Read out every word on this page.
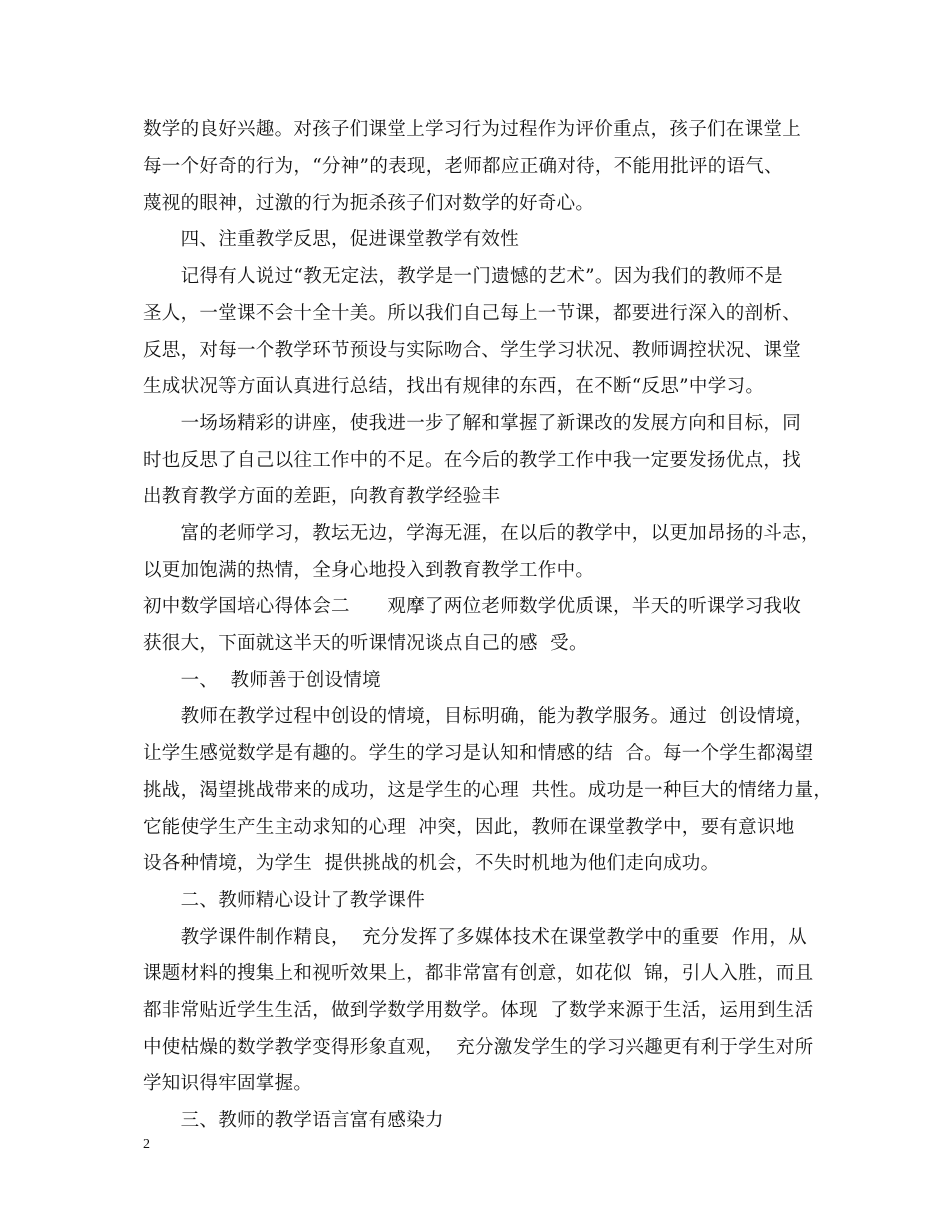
数学的良好兴趣。对孩子们课堂上学习行为过程作为评价重点，孩子们在课堂上
每一个好奇的行为，“分神”的表现，老师都应正确对待，不能用批评的语气、
蔑视的眼神，过激的行为扼杀孩子们对数学的好奇心。
　　四、注重教学反思，促进课堂教学有效性
　　记得有人说过“教无定法，教学是一门遗憾的艺术”。因为我们的教师不是
圣人，一堂课不会十全十美。所以我们自己每上一节课，都要进行深入的剖析、
反思，对每一个教学环节预设与实际吻合、学生学习状况、教师调控状况、课堂
生成状况等方面认真进行总结，找出有规律的东西，在不断“反思”中学习。
　　一场场精彩的讲座，使我进一步了解和掌握了新课改的发展方向和目标，同
时也反思了自己以往工作中的不足。在今后的教学工作中我一定要发扬优点，找
出教育教学方面的差距，向教育教学经验丰
　　富的老师学习，教坛无边，学海无涯，在以后的教学中，以更加昂扬的斗志，
以更加饱满的热情，全身心地投入到教育教学工作中。
初中数学国培心得体会二　　观摩了两位老师数学优质课，半天的听课学习我收
获很大，下面就这半天的听课情况谈点自己的感  受。
　　一、  教师善于创设情境
　　教师在教学过程中创设的情境，目标明确，能为教学服务。通过  创设情境，
让学生感觉数学是有趣的。学生的学习是认知和情感的结  合。每一个学生都渴望
挑战，渴望挑战带来的成功，这是学生的心理  共性。成功是一种巨大的情绪力量，
它能使学生产生主动求知的心理  冲突，因此，教师在课堂教学中，要有意识地
设各种情境，为学生  提供挑战的机会，不失时机地为他们走向成功。
　　二、教师精心设计了教学课件
　　教学课件制作精良，  充分发挥了多媒体技术在课堂教学中的重要  作用，从
课题材料的搜集上和视听效果上，都非常富有创意，如花似  锦，引人入胜，而且
都非常贴近学生生活，做到学数学用数学。体现  了数学来源于生活，运用到生活
中使枯燥的数学教学变得形象直观，  充分激发学生的学习兴趣更有利于学生对所
学知识得牢固掌握。
　　三、教师的教学语言富有感染力
2
